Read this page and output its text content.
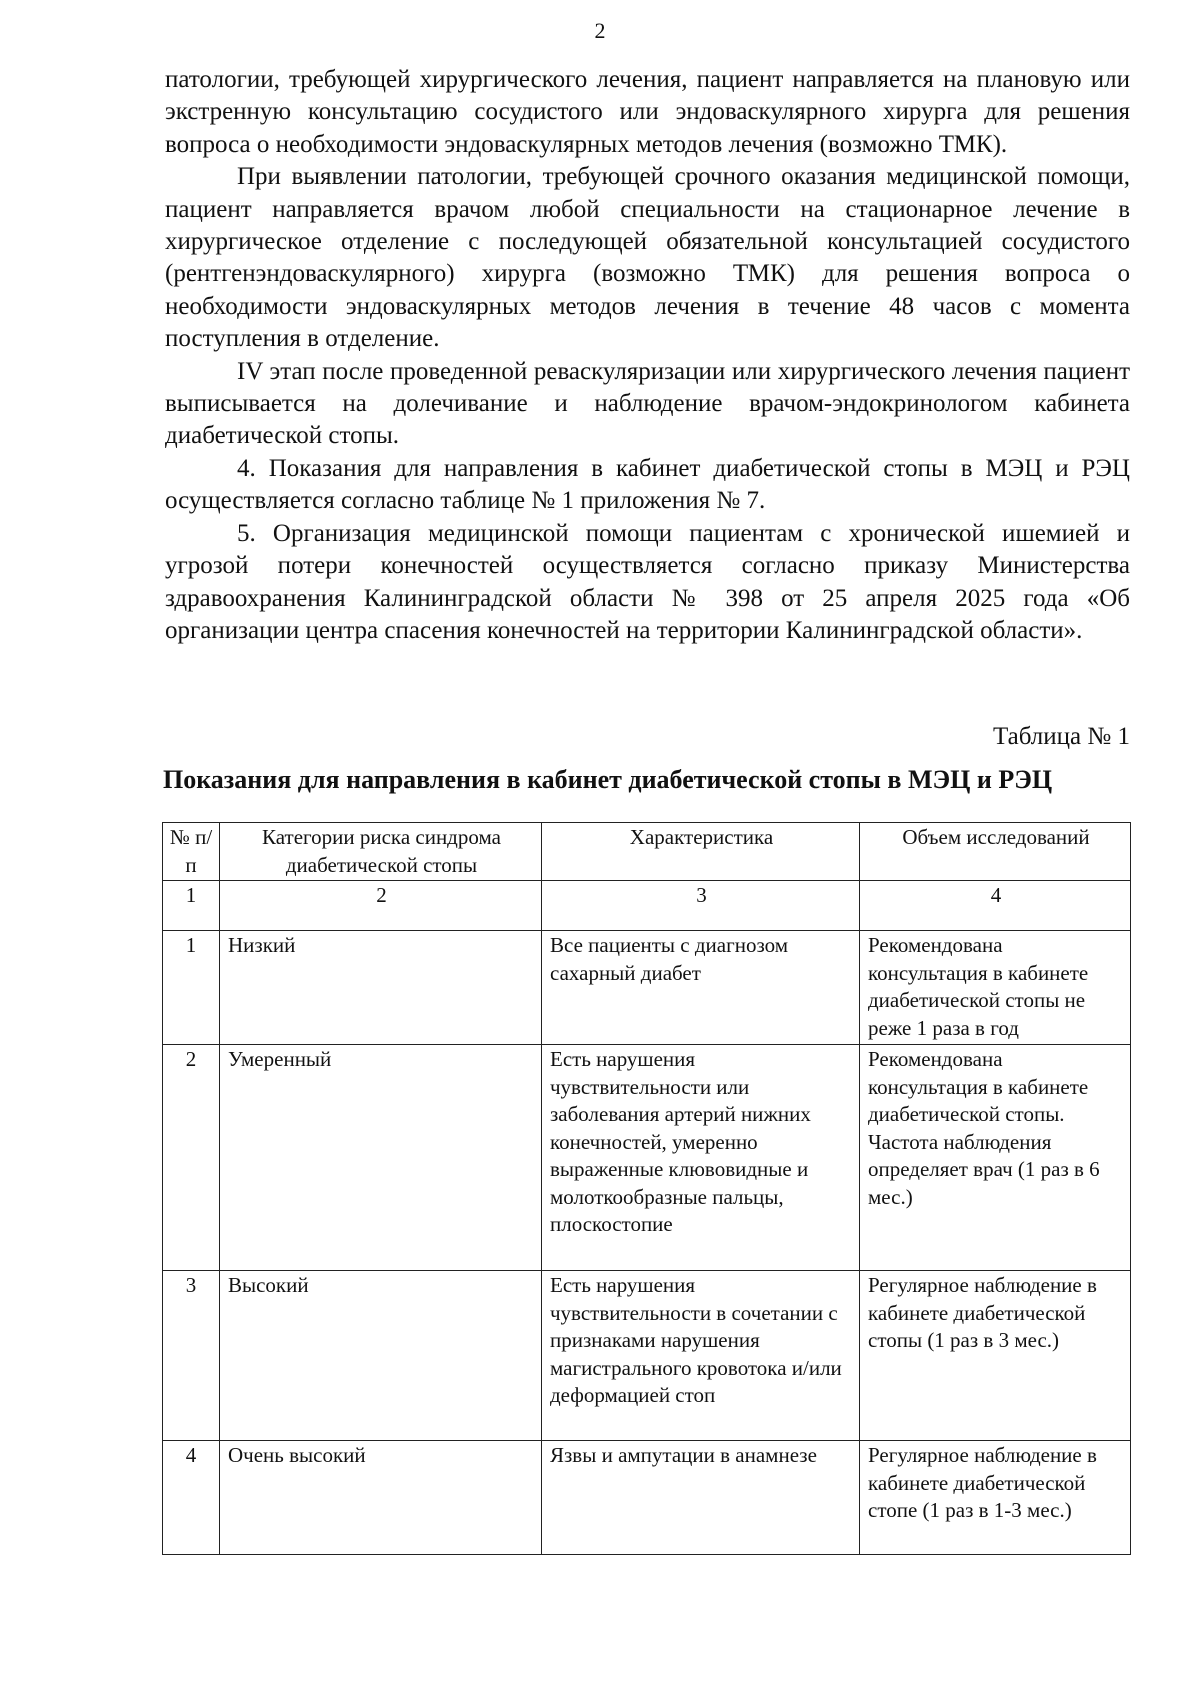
2

патологии, требующей хирургического лечения, пациент направляется на плановую или экстренную консультацию сосудистого или эндоваскулярного хирурга для решения вопроса о необходимости эндоваскулярных методов лечения (возможно ТМК).

При выявлении патологии, требующей срочного оказания медицинской помощи, пациент направляется врачом любой специальности на стационарное лечение в хирургическое отделение с последующей обязательной консультацией сосудистого (рентгенэндоваскулярного) хирурга (возможно ТМК) для решения вопроса о необходимости эндоваскулярных методов лечения в течение 48 часов с момента поступления в отделение.

IV этап после проведенной реваскуляризации или хирургического лечения пациент выписывается на долечивание и наблюдение врачом-эндокринологом кабинета диабетической стопы.

4. Показания для направления в кабинет диабетической стопы в МЭЦ и РЭЦ осуществляется согласно таблице № 1 приложения № 7.

5. Организация медицинской помощи пациентам с хронической ишемией и угрозой потери конечностей осуществляется согласно приказу Министерства здравоохранения Калининградской области № 398 от 25 апреля 2025 года «Об организации центра спасения конечностей на территории Калининградской области».

Таблица № 1
Показания для направления в кабинет диабетической стопы в МЭЦ и РЭЦ
№ п/п	Категории риска синдрома диабетической стопы	Характеристика	Объем исследований
1	2	3	4
1	Низкий	Все пациенты с диагнозом сахарный диабет	Рекомендована консультация в кабинете диабетической стопы не реже 1 раза в год
2	Умеренный	Есть нарушения чувствительности или заболевания артерий нижних конечностей, умеренно выраженные клювовидные и молоткообразные пальцы, плоскостопие	Рекомендована консультация в кабинете диабетической стопы. Частота наблюдения определяет врач (1 раз в 6 мес.)
3	Высокий	Есть нарушения чувствительности в сочетании с признаками нарушения магистрального кровотока и/или деформацией стоп	Регулярное наблюдение в кабинете диабетической стопы (1 раз в 3 мес.)
4	Очень высокий	Язвы и ампутации в анамнезе	Регулярное наблюдение в кабинете диабетической стопе (1 раз в 1-3 мес.)
